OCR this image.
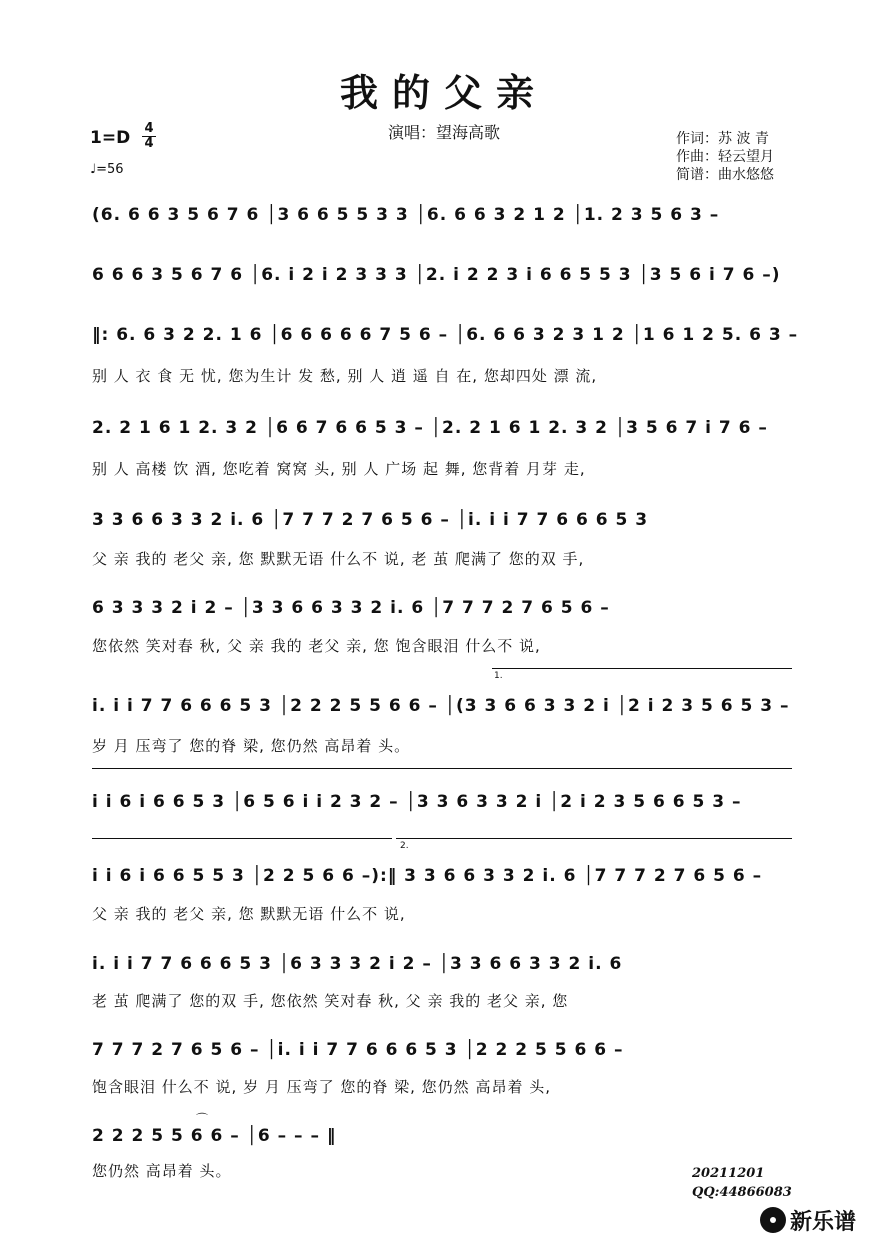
我的父亲
演唱：望海高歌
1=D 4
4
♩=56
作词：苏 波 青
作曲：轻云望月
简谱：曲水悠悠
(6. 6 6 3 5 6 7 6 │3 6 6 5 5 3 3 │6. 6 6 3 2 1 2 │1. 2 3 5 6 3 –
6 6 6 3 5 6 7 6 │6. i 2 i 2 3 3 3 │2. i 2 2 3 i 6 6 5 5 3 │3 5 6 i 7 6 –)
‖: 6. 6 3 2 2. 1 6 │6 6 6 6 6 7 5 6 – │6. 6 6 3 2 3 1 2 │1 6 1 2 5. 6 3 –
别 人 衣 食 无 忧, 您为生计 发 愁, 别 人 逍 遥 自 在, 您却四处 漂 流,
2. 2 1 6 1 2. 3 2 │6 6 7 6 6 5 3 – │2. 2 1 6 1 2. 3 2 │3 5 6 7 i 7 6 –
别 人 高楼 饮 酒, 您吃着 窝窝 头, 别 人 广场 起 舞, 您背着 月芽 走,
3 3 6 6 3 3 2 i. 6 │7 7 7 2 7 6 5 6 – │i. i i 7 7 6 6 6 5 3
父 亲 我的 老父 亲, 您 默默无语 什么不 说, 老 茧 爬满了 您的双 手,
6 3 3 3 2 i 2 – │3 3 6 6 3 3 2 i. 6 │7 7 7 2 7 6 5 6 –
您依然 笑对春 秋, 父 亲 我的 老父 亲, 您 饱含眼泪 什么不 说,
1.
i. i i 7 7 6 6 6 5 3 │2 2 2 5 5 6 6 – │(3 3 6 6 3 3 2 i │2 i 2 3 5 6 5 3 –
岁 月 压弯了 您的脊 梁, 您仍然 高昂着 头。
i i 6 i 6 6 5 3 │6 5 6 i i 2 3 2 – │3 3 6 3 3 2 i │2 i 2 3 5 6 6 5 3 –
2.
i i 6 i 6 6 5 5 3 │2 2 5 6 6 –):‖ 3 3 6 6 3 3 2 i. 6 │7 7 7 2 7 6 5 6 –
父 亲 我的 老父 亲, 您 默默无语 什么不 说,
i. i i 7 7 6 6 6 5 3 │6 3 3 3 2 i 2 – │3 3 6 6 3 3 2 i. 6
老 茧 爬满了 您的双 手, 您依然 笑对春 秋, 父 亲 我的 老父 亲, 您
7 7 7 2 7 6 5 6 – │i. i i 7 7 6 6 6 5 3 │2 2 2 5 5 6 6 –
饱含眼泪 什么不 说, 岁 月 压弯了 您的脊 梁, 您仍然 高昂着 头,
⌒
2 2 2 5 5 6 6 – │6 – – – ‖
您仍然 高昂着 头。	20211201
QQ:44866083
新乐谱
